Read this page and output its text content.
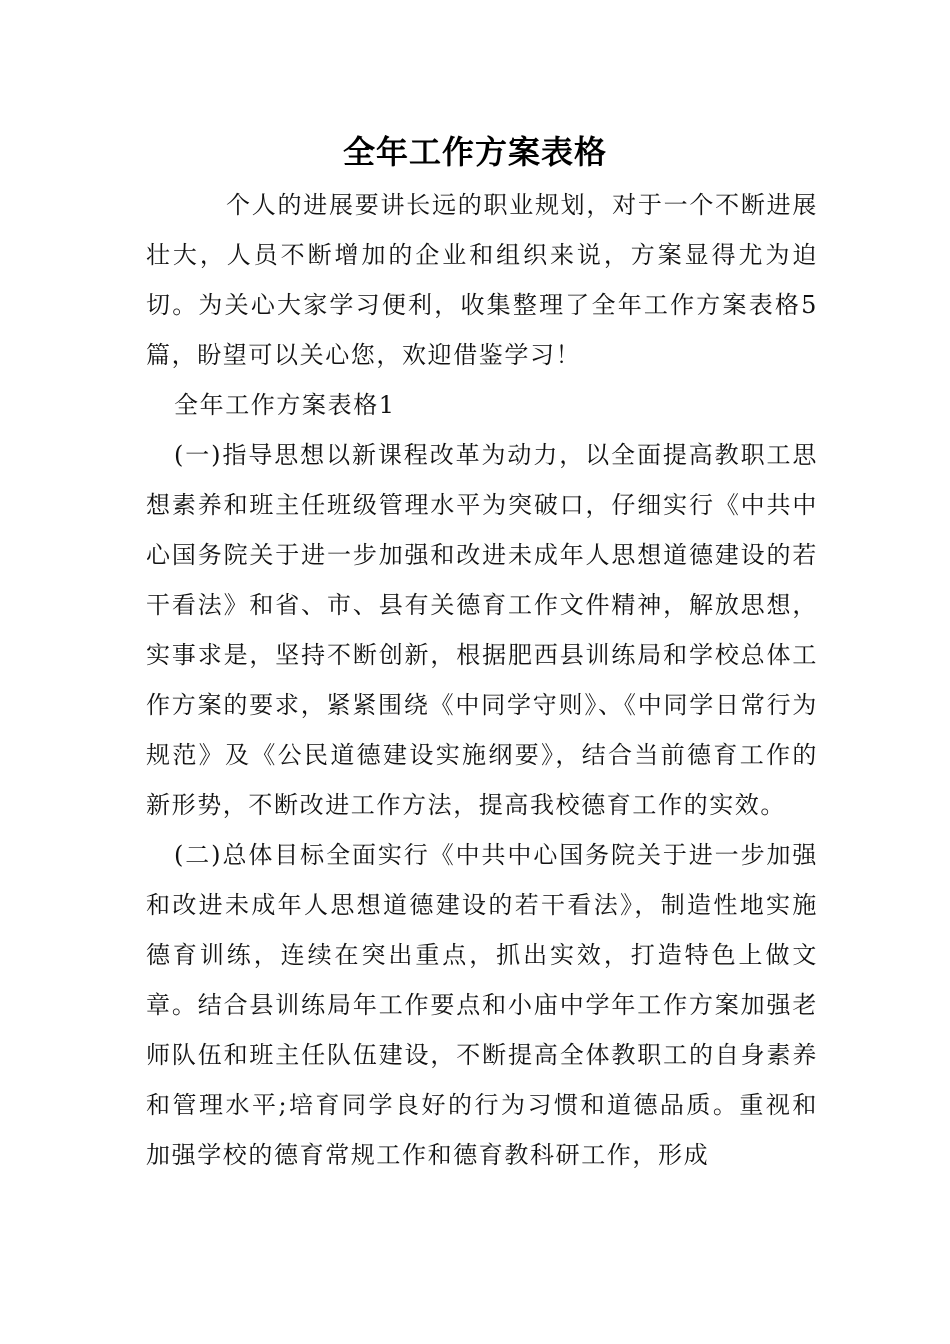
全年工作方案表格

个人的进展要讲长远的职业规划，对于一个不断进展壮大，人员不断增加的企业和组织来说，方案显得尤为迫切。为关心大家学习便利，收集整理了全年工作方案表格5篇，盼望可以关心您，欢迎借鉴学习！

全年工作方案表格1

(一)指导思想以新课程改革为动力，以全面提高教职工思想素养和班主任班级管理水平为突破口，仔细实行《中共中心国务院关于进一步加强和改进未成年人思想道德建设的若干看法》和省、市、县有关德育工作文件精神，解放思想，实事求是，坚持不断创新，根据肥西县训练局和学校总体工作方案的要求，紧紧围绕《中同学守则》、《中同学日常行为规范》及《公民道德建设实施纲要》，结合当前德育工作的新形势，不断改进工作方法，提高我校德育工作的实效。

(二)总体目标全面实行《中共中心国务院关于进一步加强和改进未成年人思想道德建设的若干看法》，制造性地实施德育训练，连续在突出重点，抓出实效，打造特色上做文章。结合县训练局年工作要点和小庙中学年工作方案加强老师队伍和班主任队伍建设，不断提高全体教职工的自身素养和管理水平;培育同学良好的行为习惯和道德品质。重视和加强学校的德育常规工作和德育教科研工作，形成
